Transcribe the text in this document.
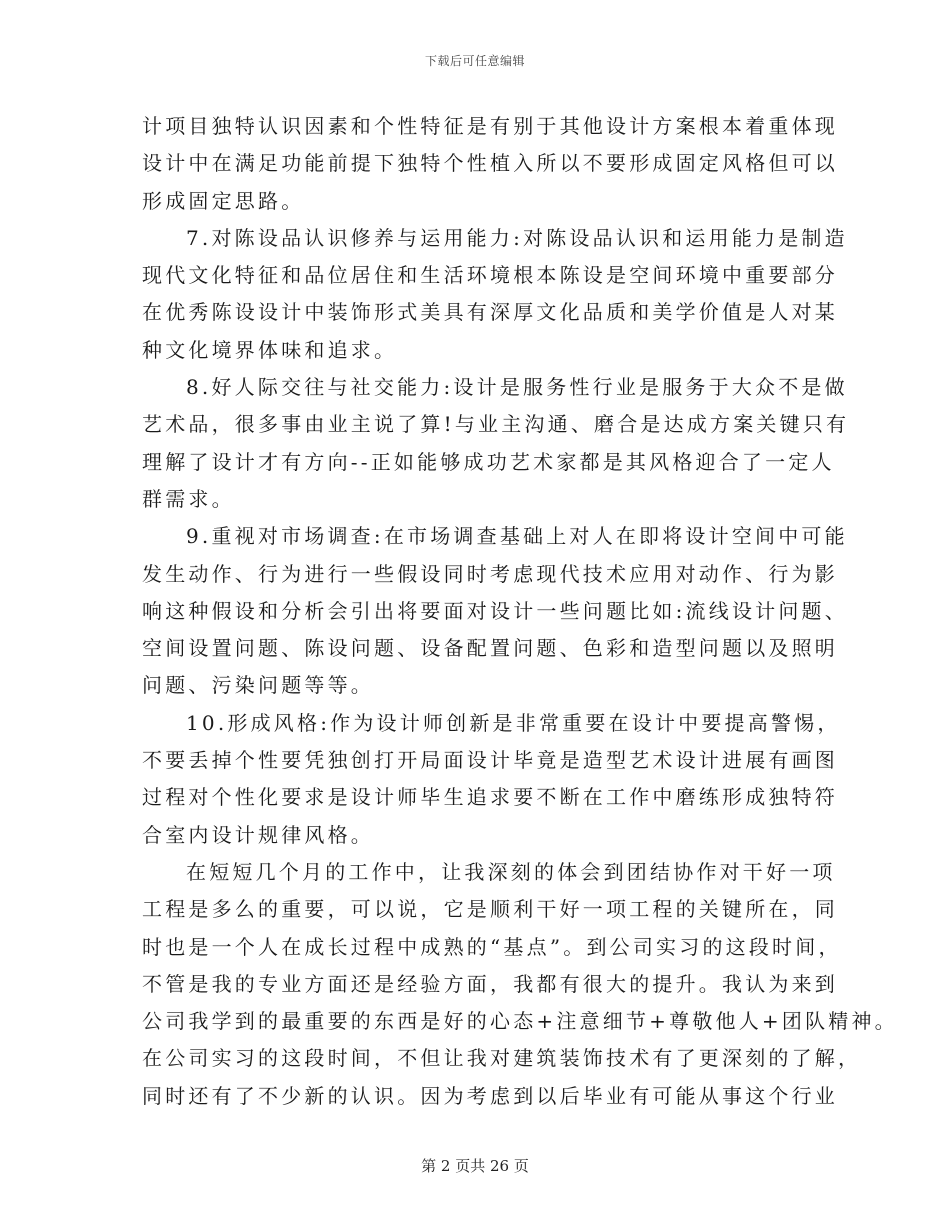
下载后可任意编辑
计项目独特认识因素和个性特征是有别于其他设计方案根本着重体现
设计中在满足功能前提下独特个性植入所以不要形成固定风格但可以
形成固定思路。
7.对陈设品认识修养与运用能力:对陈设品认识和运用能力是制造
现代文化特征和品位居住和生活环境根本陈设是空间环境中重要部分
在优秀陈设设计中装饰形式美具有深厚文化品质和美学价值是人对某
种文化境界体味和追求。
8.好人际交往与社交能力:设计是服务性行业是服务于大众不是做
艺术品，很多事由业主说了算!与业主沟通、磨合是达成方案关键只有
理解了设计才有方向--正如能够成功艺术家都是其风格迎合了一定人
群需求。
9.重视对市场调查:在市场调查基础上对人在即将设计空间中可能
发生动作、行为进行一些假设同时考虑现代技术应用对动作、行为影
响这种假设和分析会引出将要面对设计一些问题比如:流线设计问题、
空间设置问题、陈设问题、设备配置问题、色彩和造型问题以及照明
问题、污染问题等等。
10.形成风格:作为设计师创新是非常重要在设计中要提高警惕，
不要丢掉个性要凭独创打开局面设计毕竟是造型艺术设计进展有画图
过程对个性化要求是设计师毕生追求要不断在工作中磨练形成独特符
合室内设计规律风格。
在短短几个月的工作中，让我深刻的体会到团结协作对干好一项
工程是多么的重要，可以说，它是顺利干好一项工程的关键所在，同
时也是一个人在成长过程中成熟的“基点”。到公司实习的这段时间，
不管是我的专业方面还是经验方面，我都有很大的提升。我认为来到
公司我学到的最重要的东西是好的心态+注意细节+尊敬他人+团队精神。
在公司实习的这段时间，不但让我对建筑装饰技术有了更深刻的了解，
同时还有了不少新的认识。因为考虑到以后毕业有可能从事这个行业
第 2 页共 26 页
